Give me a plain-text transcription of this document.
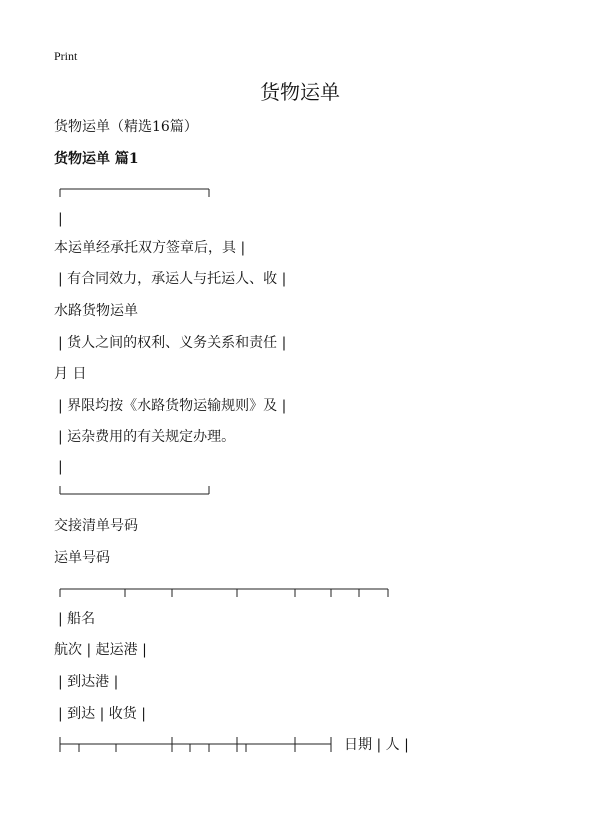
Print
货物运单
货物运单（精选16篇）
货物运单 篇1
|
本运单经承托双方签章后，具 |
| 有合同效力，承运人与托运人、收 |
水路货物运单
| 货人之间的权利、义务关系和责任 |
月 日
| 界限均按《水路货物运输规则》及 |
| 运杂费用的有关规定办理。
|
交接清单号码
运单号码
| 船名
航次 | 起运港 |
| 到达港 |
| 到达 | 收货 |
日期 | 人 |
